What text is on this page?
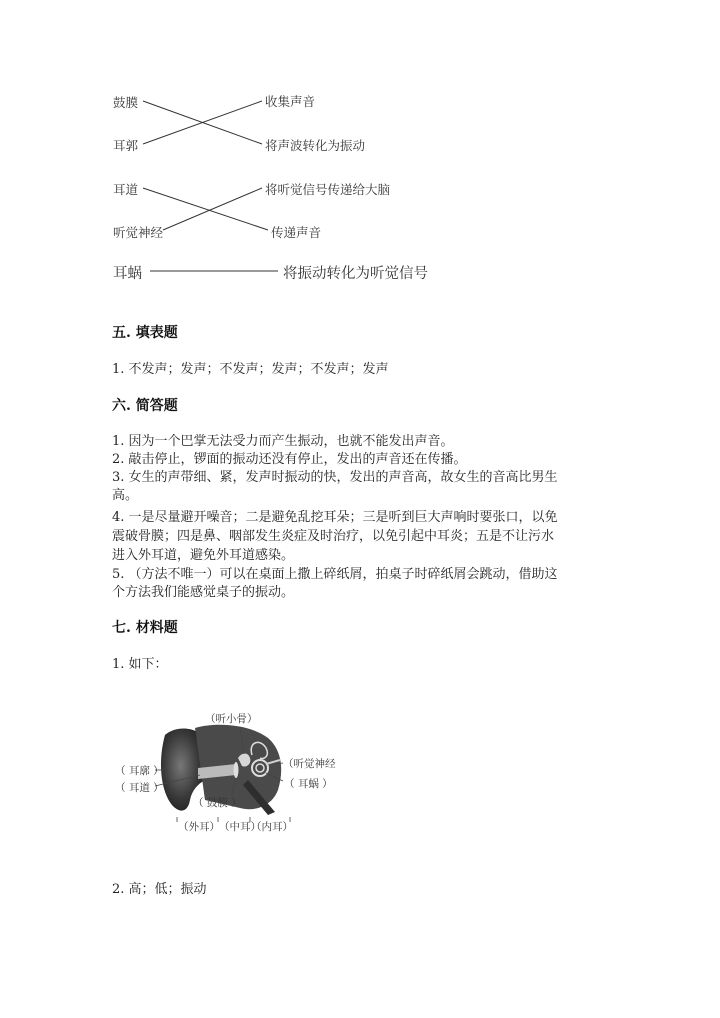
鼓膜
耳郭
收集声音
将声波转化为振动
耳道
听觉神经
将听觉信号传递给大脑
传递声音
耳蜗	将振动转化为听觉信号
五. 填表题
1. 不发声；发声；不发声；发声；不发声；发声
六. 简答题
1. 因为一个巴掌无法受力而产生振动，也就不能发出声音。
2. 敲击停止，锣面的振动还没有停止，发出的声音还在传播。
3. 女生的声带细、紧，发声时振动的快，发出的声音高，故女生的音高比男生
高。
4. 一是尽量避开噪音；二是避免乱挖耳朵；三是听到巨大声响时要张口，以免
震破骨膜；四是鼻、咽部发生炎症及时治疗，以免引起中耳炎；五是不让污水
进入外耳道，避免外耳道感染。
5. （方法不唯一）可以在桌面上撒上碎纸屑，拍桌子时碎纸屑会跳动，借助这
个方法我们能感觉桌子的振动。
七. 材料题
1. 如下：
（听小骨）
（听觉神经
（ 耳蜗 ）
（ 耳廓 ）
（ 耳道 ）
（ 鼓膜 ）
（外耳） （中耳）
（内耳）
2. 高；低；振动
